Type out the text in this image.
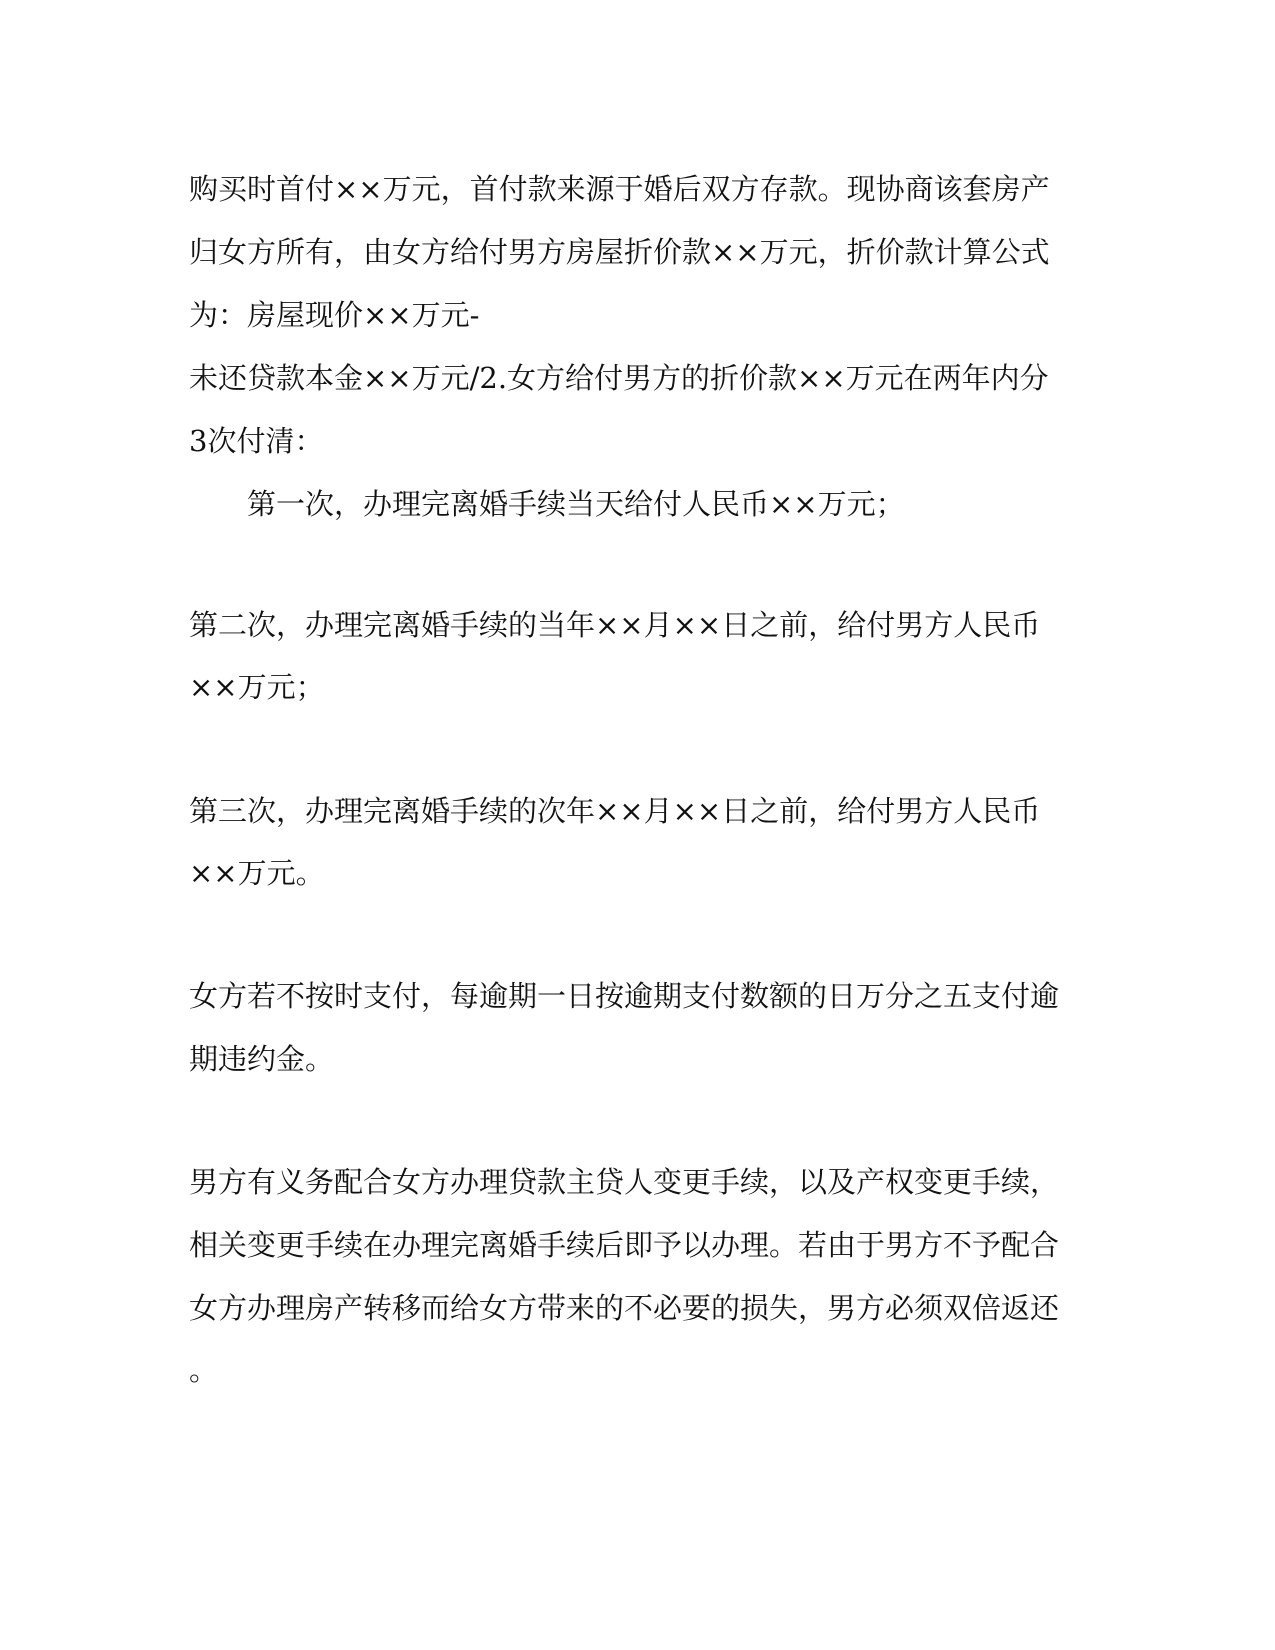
购买时首付××万元，首付款来源于婚后双方存款。现协商该套房产
归女方所有，由女方给付男方房屋折价款××万元，折价款计算公式
为：房屋现价××万元-
未还贷款本金××万元/2.女方给付男方的折价款××万元在两年内分
3次付清：
第一次，办理完离婚手续当天给付人民币××万元；
第二次，办理完离婚手续的当年××月××日之前，给付男方人民币
××万元；
第三次，办理完离婚手续的次年××月××日之前，给付男方人民币
××万元。
女方若不按时支付，每逾期一日按逾期支付数额的日万分之五支付逾
期违约金。
男方有义务配合女方办理贷款主贷人变更手续，以及产权变更手续，
相关变更手续在办理完离婚手续后即予以办理。若由于男方不予配合
女方办理房产转移而给女方带来的不必要的损失，男方必须双倍返还
。
